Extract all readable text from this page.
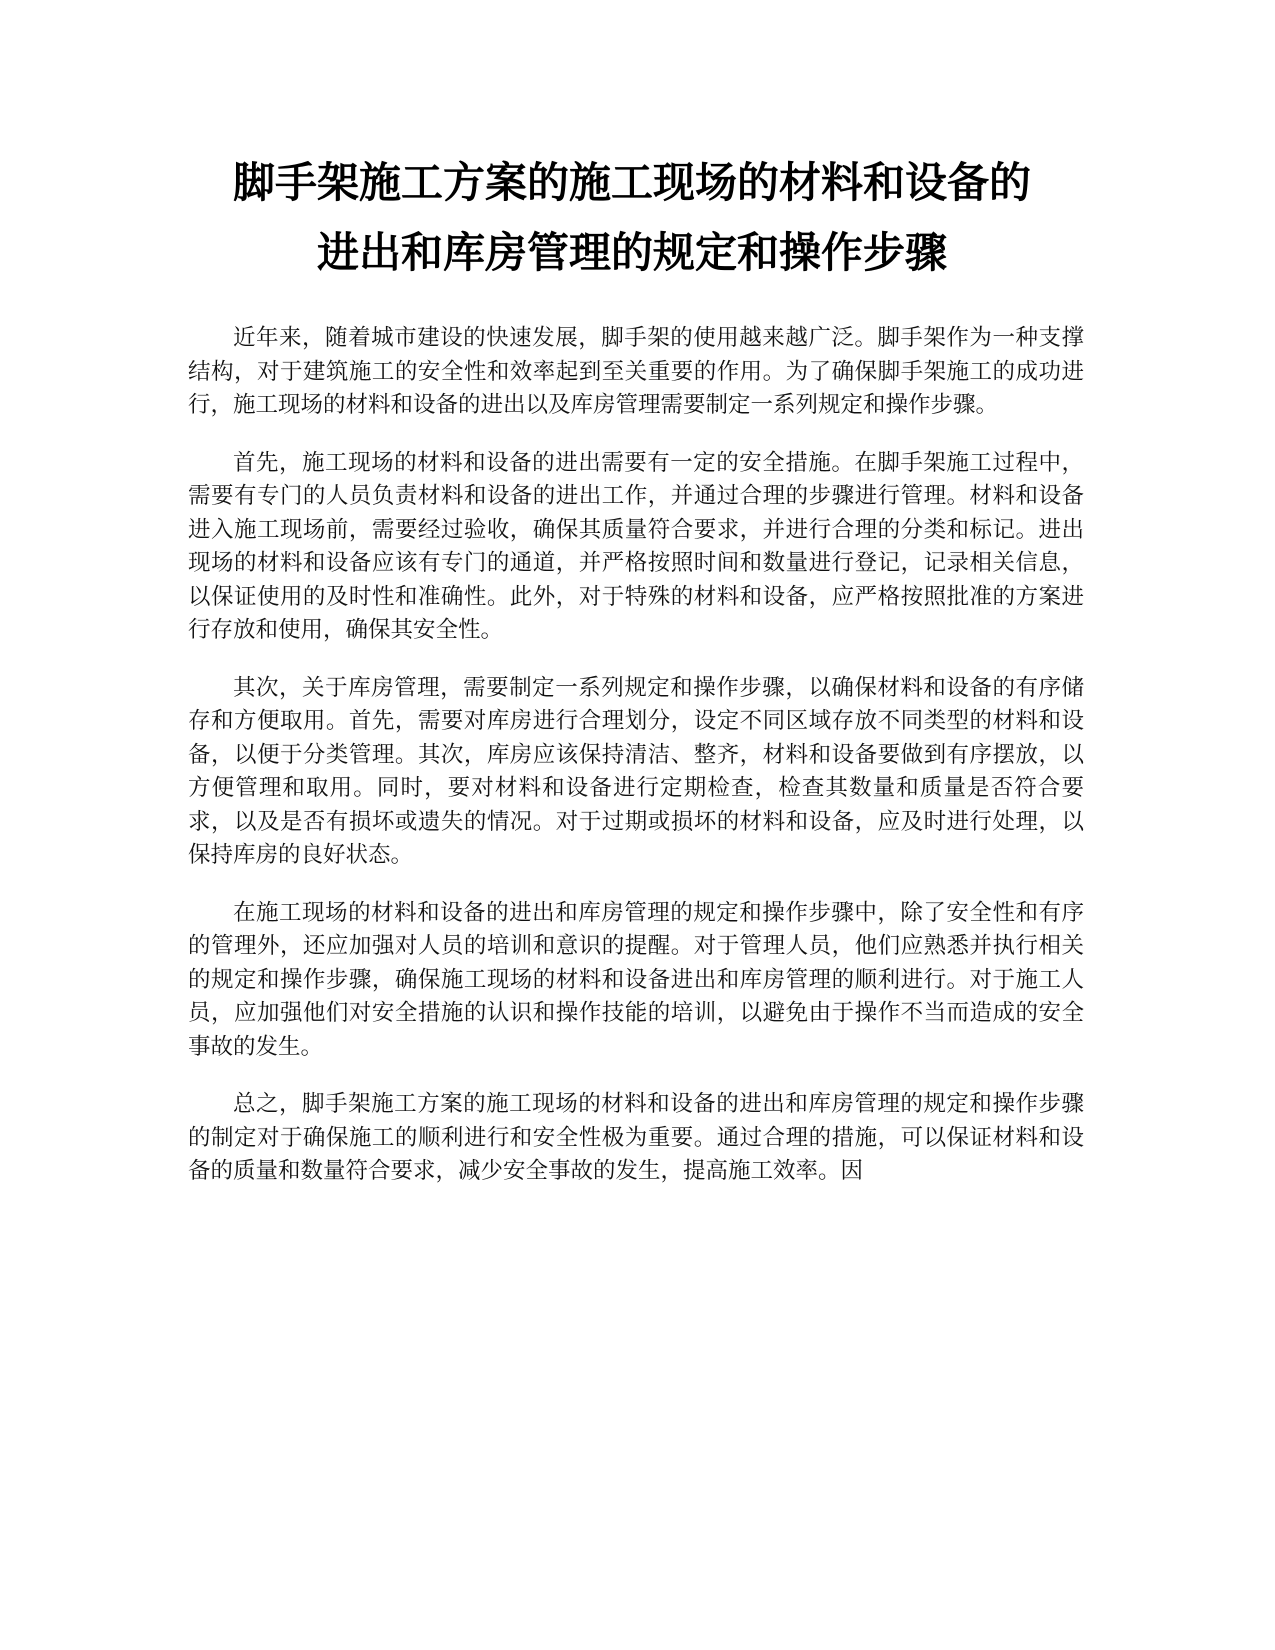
脚手架施工方案的施工现场的材料和设备的
进出和库房管理的规定和操作步骤

近年来，随着城市建设的快速发展，脚手架的使用越来越广泛。脚手架作为一种支撑结构，对于建筑施工的安全性和效率起到至关重要的作用。为了确保脚手架施工的成功进行，施工现场的材料和设备的进出以及库房管理需要制定一系列规定和操作步骤。

首先，施工现场的材料和设备的进出需要有一定的安全措施。在脚手架施工过程中，需要有专门的人员负责材料和设备的进出工作，并通过合理的步骤进行管理。材料和设备进入施工现场前，需要经过验收，确保其质量符合要求，并进行合理的分类和标记。进出现场的材料和设备应该有专门的通道，并严格按照时间和数量进行登记，记录相关信息，以保证使用的及时性和准确性。此外，对于特殊的材料和设备，应严格按照批准的方案进行存放和使用，确保其安全性。

其次，关于库房管理，需要制定一系列规定和操作步骤，以确保材料和设备的有序储存和方便取用。首先，需要对库房进行合理划分，设定不同区域存放不同类型的材料和设备，以便于分类管理。其次，库房应该保持清洁、整齐，材料和设备要做到有序摆放，以方便管理和取用。同时，要对材料和设备进行定期检查，检查其数量和质量是否符合要求，以及是否有损坏或遗失的情况。对于过期或损坏的材料和设备，应及时进行处理，以保持库房的良好状态。

在施工现场的材料和设备的进出和库房管理的规定和操作步骤中，除了安全性和有序的管理外，还应加强对人员的培训和意识的提醒。对于管理人员，他们应熟悉并执行相关的规定和操作步骤，确保施工现场的材料和设备进出和库房管理的顺利进行。对于施工人员，应加强他们对安全措施的认识和操作技能的培训，以避免由于操作不当而造成的安全事故的发生。

总之，脚手架施工方案的施工现场的材料和设备的进出和库房管理的规定和操作步骤的制定对于确保施工的顺利进行和安全性极为重要。通过合理的措施，可以保证材料和设备的质量和数量符合要求，减少安全事故的发生，提高施工效率。因
